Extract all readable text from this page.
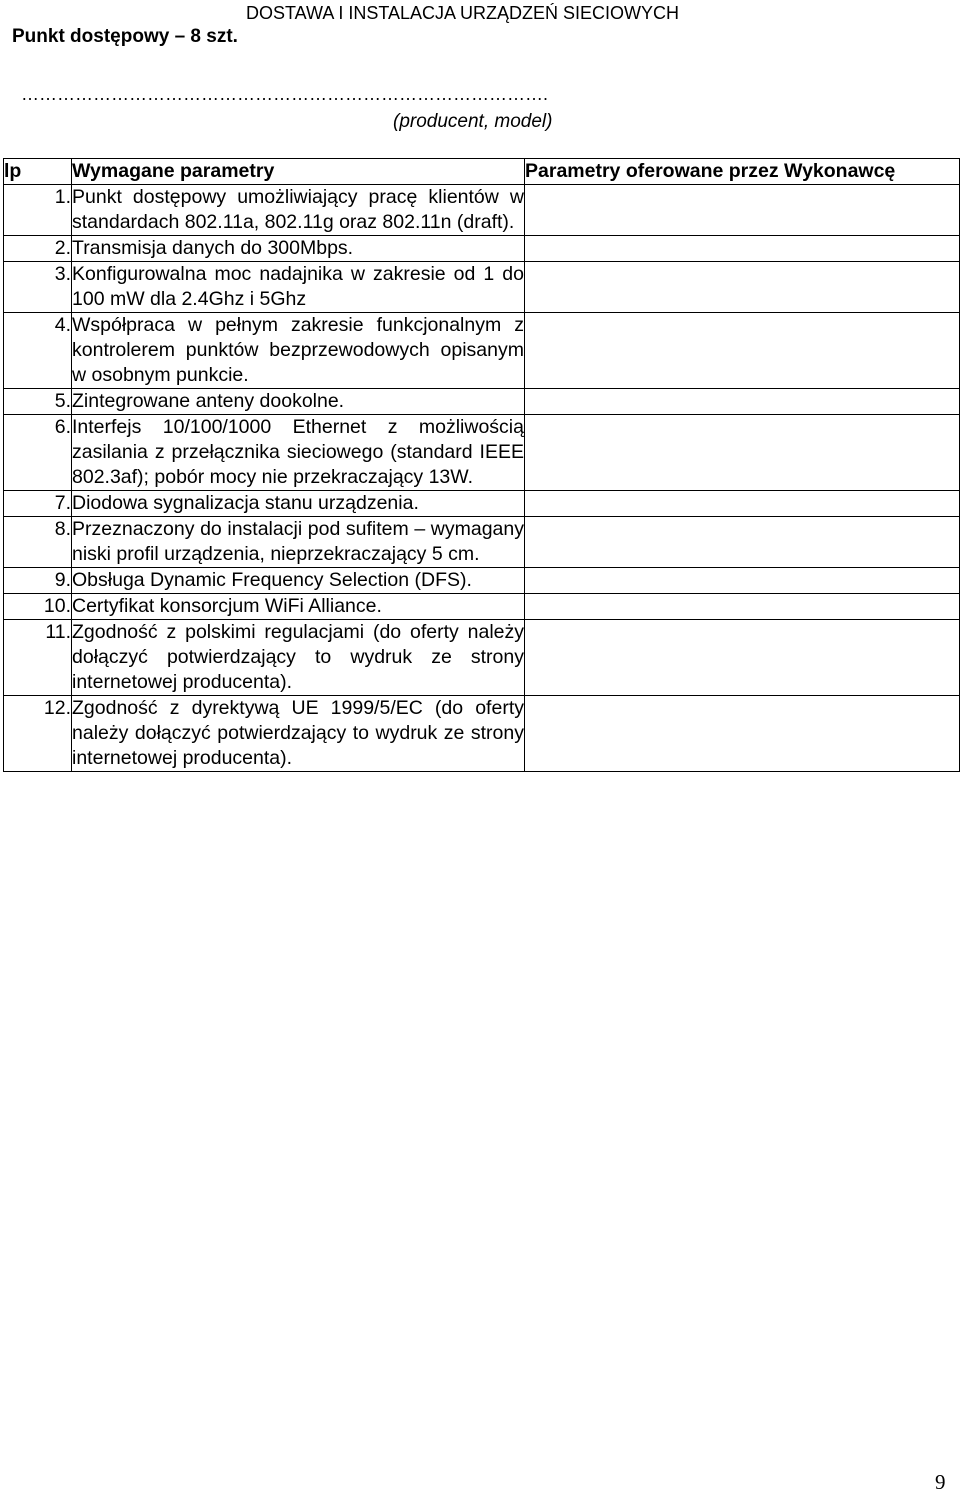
DOSTAWA I INSTALACJA URZĄDZEŃ SIECIOWYCH
Punkt dostępowy – 8 szt.
…………………………………………………………………………….
(producent, model)
lp	Wymagane parametry	Parametry oferowane przez Wykonawcę
1.	Punkt dostępowy umożliwiający pracę klientów w standardach 802.11a, 802.11g oraz 802.11n (draft).	
2.	Transmisja danych do 300Mbps.	
3.	Konfigurowalna moc nadajnika w zakresie od 1 do 100 mW dla 2.4Ghz i 5Ghz	
4.	Współpraca w pełnym zakresie funkcjonalnym z kontrolerem punktów bezprzewodowych opisanym w osobnym punkcie.	
5.	Zintegrowane anteny dookolne.	
6.	Interfejs 10/100/1000 Ethernet z możliwością zasilania z przełącznika sieciowego (standard IEEE 802.3af); pobór mocy nie przekraczający 13W.	
7.	Diodowa sygnalizacja stanu urządzenia.	
8.	Przeznaczony do instalacji pod sufitem – wymagany niski profil urządzenia, nieprzekraczający 5 cm.	
9.	Obsługa Dynamic Frequency Selection (DFS).	
10.	Certyfikat konsorcjum WiFi Alliance.	
11.	Zgodność z polskimi regulacjami (do oferty należy dołączyć potwierdzający to wydruk ze strony internetowej producenta).	
12.	Zgodność z dyrektywą UE 1999/5/EC (do oferty należy dołączyć potwierdzający to wydruk ze strony internetowej producenta).	
9
